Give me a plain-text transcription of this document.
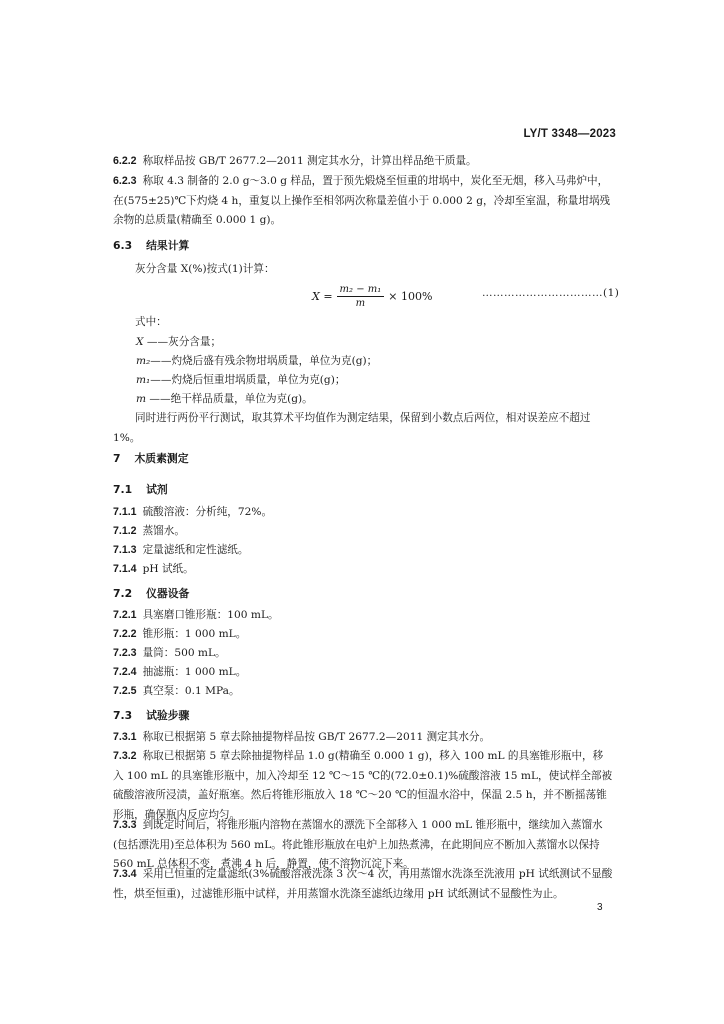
LY/T 3348—2023

6.2.2 称取样品按 GB/T 2677.2—2011 测定其水分，计算出样品绝干质量。

6.2.3 称取 4.3 制备的 2.0 g～3.0 g 样品，置于预先煅烧至恒重的坩埚中，炭化至无烟，移入马弗炉中，在(575±25)℃下灼烧 4 h，重复以上操作至相邻两次称量差值小于 0.000 2 g，冷却至室温，称量坩埚残余物的总质量(精确至 0.000 1 g)。

6.3 结果计算

灰分含量 X(%)按式(1)计算：

$X = \frac{\text{m₂ − m₁}}{m} \times 100\%$	……………………………(1)

式中：

X ——灰分含量；
m₂——灼烧后盛有残余物坩埚质量，单位为克(g)；
m₁——灼烧后恒重坩埚质量，单位为克(g)；
m ——绝干样品质量，单位为克(g)。

同时进行两份平行测试，取其算术平均值作为测定结果，保留到小数点后两位，相对误差应不超过 1%。

7 木质素测定
7.1 试剂

7.1.1 硫酸溶液：分析纯，72%。

7.1.2 蒸馏水。

7.1.3 定量滤纸和定性滤纸。

7.1.4 pH 试纸。

7.2 仪器设备

7.2.1 具塞磨口锥形瓶：100 mL。

7.2.2 锥形瓶：1 000 mL。

7.2.3 量筒：500 mL。

7.2.4 抽滤瓶：1 000 mL。

7.2.5 真空泵：0.1 MPa。

7.3 试验步骤

7.3.1 称取已根据第 5 章去除抽提物样品按 GB/T 2677.2—2011 测定其水分。

7.3.2 称取已根据第 5 章去除抽提物样品 1.0 g(精确至 0.000 1 g)，移入 100 mL 的具塞锥形瓶中，移入 100 mL 的具塞锥形瓶中，加入冷却至 12 ℃～15 ℃的(72.0±0.1)%硫酸溶液 15 mL，使试样全部被硫酸溶液所浸渍，盖好瓶塞。然后将锥形瓶放入 18 ℃～20 ℃的恒温水浴中，保温 2.5 h，并不断摇荡锥形瓶，确保瓶内反应均匀。

7.3.3 到既定时间后，将锥形瓶内溶物在蒸馏水的漂洗下全部移入 1 000 mL 锥形瓶中，继续加入蒸馏水(包括漂洗用)至总体积为 560 mL。将此锥形瓶放在电炉上加热煮沸，在此期间应不断加入蒸馏水以保持 560 mL 总体积不变，煮沸 4 h 后，静置，使不溶物沉淀下来。

7.3.4 采用已恒重的定量滤纸(3%硫酸溶液洗涤 3 次～4 次，再用蒸馏水洗涤至洗液用 pH 试纸测试不显酸性，烘至恒重)，过滤锥形瓶中试样，并用蒸馏水洗涤至滤纸边缘用 pH 试纸测试不显酸性为止。

3
